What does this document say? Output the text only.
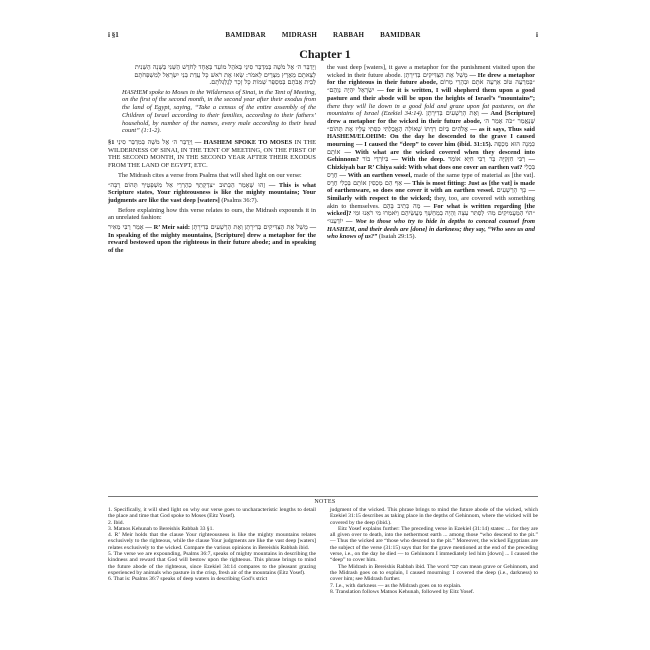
i §1	BAMIDBAR MIDRASH RABBAH BAMIDBAR	i
Chapter 1

וַיְדַבֵּר ה׳ אֶל מֹשֶׁה בְּמִדְבַּר סִינַי בְּאֹהֶל מוֹעֵד בְּאֶחָד לַחֹדֶשׁ הַשֵּׁנִי בַּשָּׁנָה הַשֵּׁנִית לְצֵאתָם מֵאֶרֶץ מִצְרַיִם לֵאמֹר: שְׂאוּ אֶת רֹאשׁ כָּל עֲדַת בְּנֵי יִשְׂרָאֵל לְמִשְׁפְּחֹתָם לְבֵית אֲבֹתָם בְּמִסְפַּר שֵׁמוֹת כָּל זָכָר לְגֻלְגְּלֹתָם.

HASHEM spoke to Moses in the Wilderness of Sinai, in the Tent of Meeting, on the first of the second month, in the second year after their exodus from the land of Egypt, saying, “Take a census of the entire assembly of the Children of Israel according to their families, according to their fathers’ household, by number of the names, every male according to their head count” (1:1-2).

§1 וַיְדַבֵּר ה׳ אֶל מֹשֶׁה בְּמִדְבַּר סִינַי — HASHEM SPOKE TO MOSES IN THE WILDERNESS OF SINAI, IN THE TENT OF MEETING, ON THE FIRST OF THE SECOND MONTH, IN THE SECOND YEAR AFTER THEIR EXODUS FROM THE LAND OF EGYPT, ETC.

The Midrash cites a verse from Psalms that will shed light on our verse:

זֶהוּ שֶׁאָמַר הַכָּתוּב ״צִדְקָתְךָ כְּהַרְרֵי אֵל מִשְׁפָּטֶיךָ תְּהוֹם רַבָּה״ — This is what Scripture states, Your righteousness is like the mighty mountains; Your judgments are like the vast deep [waters] (Psalms 36:7).

Before explaining how this verse relates to ours, the Midrash expounds it in an unrelated fashion:

אָמַר רַבִּי מֵאִיר — R’ Meir said:	מָשַׁל אֶת הַצַּדִּיקִים בְּדִירָתָן וְאֶת הָרְשָׁעִים בְּדִירָתָן	— In speaking of the mighty mountains, [Scripture] drew a metaphor for the reward bestowed upon the righteous in their future abode; and in speaking of the

the vast deep [waters], it gave a metaphor for the punishment visited upon the wicked in their future abode. מָשַׁל אֶת הַצַּדִּיקִים בְּדִירָתָן — He drew a metaphor for the righteous in their future abode, ״בְּמִרְעֶה טּוֹב אַרְעֶה אֹתָם וּבְהָרֵי מְרוֹם יִשְׂרָאֵל יִהְיֶה נְוֵהֶם״ — for it is written, I will shepherd them upon a good pasture and their abode will be upon the heights of Israel’s “mountains”; there they will lie down in a good fold and graze upon fat pastures, on the mountains of Israel (Ezekiel 34:14). וְאֶת הָרְשָׁעִים בְּדִירָתָן — And [Scripture] drew a metaphor for the wicked in their future abode, שֶׁנֶּאֱמַר ״כֹּה אָמַר ה׳ אֱלֹהִים בְּיוֹם רִדְתּוֹ שְׁאוֹלָה הֶאֱבַלְתִּי כִּסֵּתִי עָלָיו אֶת תְּהוֹם״ — as it says, Thus said HASHEM/ELOHIM: On the day he descended to the grave I caused mourning — I caused the “deep” to cover him (ibid. 31:15). כִּמְנָה הוּא מְכַסֶּה אוֹתָם — With what are the wicked covered when they descend into Gehinnom? בִּיוֹרְדֵי בוֹר — With the deep. רַבִּי חִזְקִיָּה בַּר רַבִּי חִיָּא אוֹמֵר — Chizkiyah bar R’ Chiya said: With what does one cover an earthen vat? בִּכְלִי חֶרֶס — With an earthen vessel, made of the same type of material as [the vat]. אַף הֵם מְכַסִּין אוֹתָם בְּכָלִי חֶרֶס — This is most fitting: Just as [the vat] is made of earthenware, so does one cover it with an earthen vessel. כָּךְ הָרְשָׁעִים — Similarly with respect to the wicked; they, too, are covered with something akin to themselves. מַה כְּתִיב בָּהֶם — For what is written regarding [the wicked]? ״הוֹי הַמַּעֲמִיקִים מֵה׳ לַסְתִּר עֵצָה וְהָיָה בְמַחְשָׁךְ מַעֲשֵׂיהֶם וַיֹּאמְרוּ מִי רֹאֵנוּ וּמִי יוֹדְעֵנוּ״ — Woe to those who try to hide in depths to conceal counsel from HASHEM, and their deeds are [done] in darkness; they say, “Who sees us and who knows of us?” (Isaiah 29:15).

NOTES

1. Specifically, it will shed light on why our verse goes to uncharacteristic lengths to detail the place and time that God spoke to Moses (Eitz Yosef).

2. Ibid.

3. Matnos Kehunah to Bereishis Rabbah 33 §1.

4. R’ Meir holds that the clause Your righteousness is like the mighty mountains relates exclusively to the righteous, while the clause Your judgments are like the vast deep [waters] relates exclusively to the wicked. Compare the various opinions in Bereishis Rabbah ibid.

5. The verse we are expounding, Psalms 36:7, speaks of mighty mountains in describing the kindness and reward that God will bestow upon the righteous. This phrase brings to mind the future abode of the righteous, since Ezekiel 34:14 compares to the pleasant grazing experienced by animals who pasture in the crisp, fresh air of the mountains (Eitz Yosef).

6. That is: Psalms 36:7 speaks of deep waters in describing God’s strict

judgment of the wicked. This phrase brings to mind the future abode of the wicked, which Ezekiel 31:15 describes as taking place in the depths of Gehinnom, where the wicked will be covered by the deep (ibid.).

Eitz Yosef explains further: The preceding verse in Ezekiel (31:14) states: ... for they are all given over to death, into the nethermost earth ... among those “who descend to the pit.” — Thus the wicked are “those who descend to the pit.” Moreover, the wicked Egyptians are the subject of the verse (31:15) says that for the grave mentioned at the end of the preceding verse, i.e., on the day he died — to Gehinnom I immediately led him [down] ... I caused the “deep” to cover him.

The Midrash in Bereishis Rabbah ibid. The word קבר can mean grave or Gehinnom, and the Midrash goes on to explain, I caused mourning: I covered the deep (i.e., darkness) to cover him; see Midrash further.

7. I.e., with darkness — as the Midrash goes on to explain.

8. Translation follows Matnos Kehunah, followed by Eitz Yosef.
